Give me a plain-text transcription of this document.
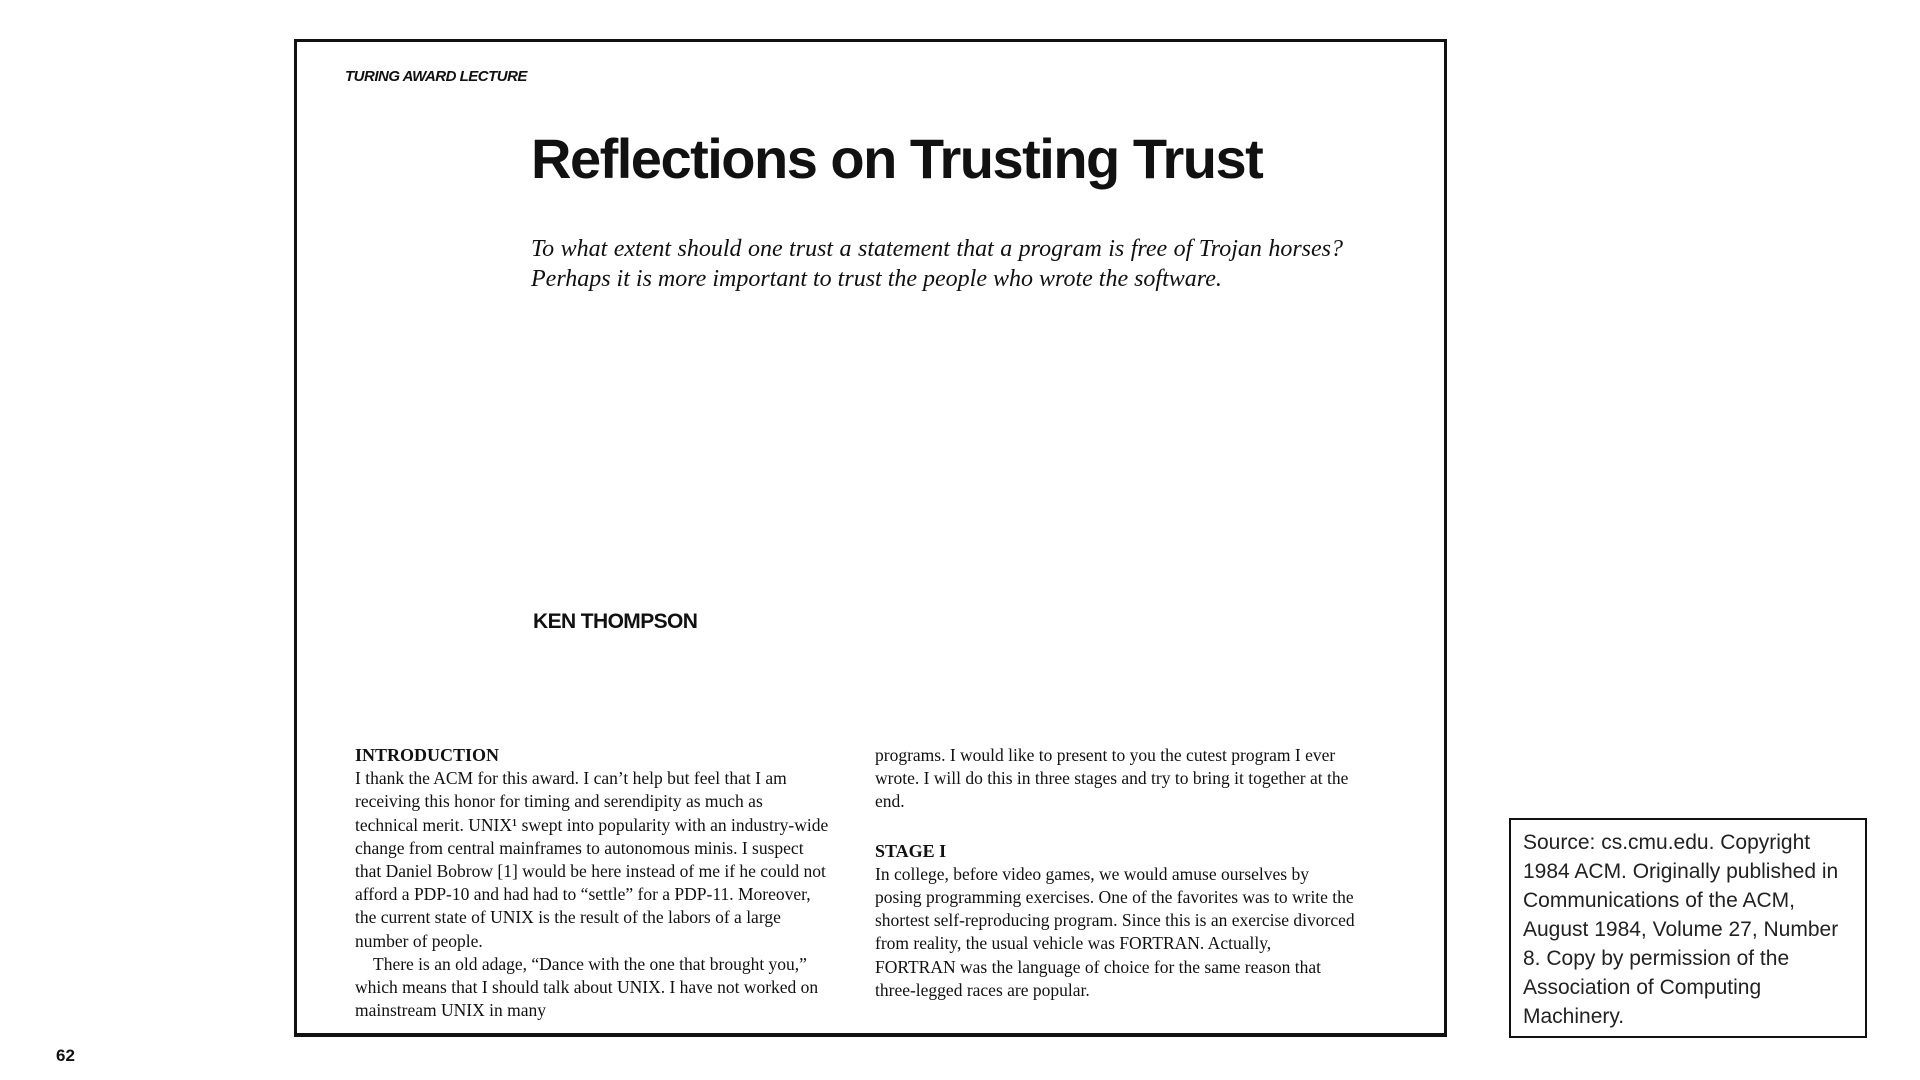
TURING AWARD LECTURE
Reflections on Trusting Trust

To what extent should one trust a statement that a program is free of Trojan horses? Perhaps it is more important to trust the people who wrote the software.

KEN THOMPSON

INTRODUCTION

I thank the ACM for this award. I can’t help but feel that I am receiving this honor for timing and serendipity as much as technical merit. UNIX¹ swept into popularity with an industry-wide change from central mainframes to autonomous minis. I suspect that Daniel Bobrow [1] would be here instead of me if he could not afford a PDP-10 and had had to “settle” for a PDP-11. Moreover, the current state of UNIX is the result of the labors of a large number of people.

There is an old adage, “Dance with the one that brought you,” which means that I should talk about UNIX. I have not worked on mainstream UNIX in many

programs. I would like to present to you the cutest program I ever wrote. I will do this in three stages and try to bring it together at the end.

STAGE I

In college, before video games, we would amuse ourselves by posing programming exercises. One of the favorites was to write the shortest self-reproducing program. Since this is an exercise divorced from reality, the usual vehicle was FORTRAN. Actually, FORTRAN was the language of choice for the same reason that three-legged races are popular.

Source: cs.cmu.edu. Copyright 1984 ACM. Originally published in Communications of the ACM, August 1984, Volume 27, Number 8. Copy by permission of the Association of Computing Machinery.
62
